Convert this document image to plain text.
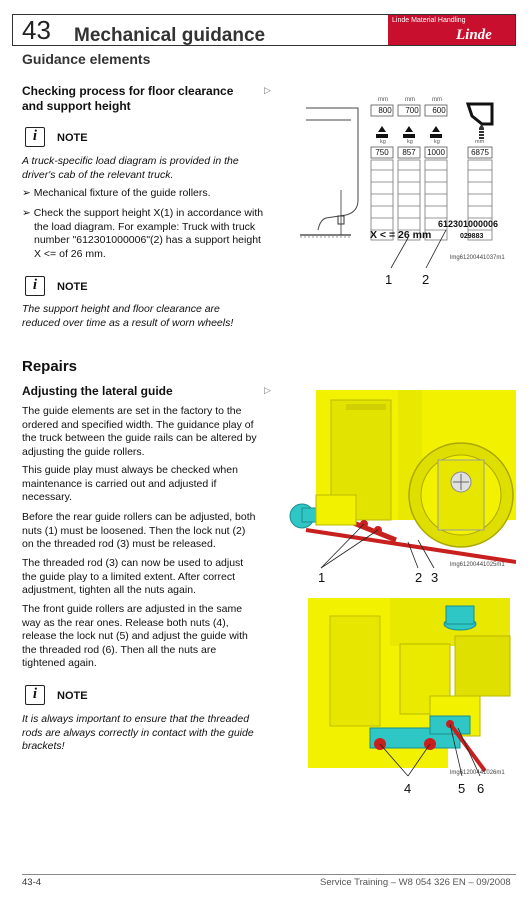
43 Mechanical guidance
Linde Material Handling
Linde
Guidance elements
Checking process for floor clearance and support height
▷
i	NOTE
A truck-specific load diagram is provided in the driver's cab of the relevant truck.
➢ Mechanical fixture of the guide rollers.
➢ Check the support height X(1) in accordance with the load diagram. For example: Truck with truck number "612301000006"(2) has a support height X <= of 26 mm.
i	NOTE
The support height and floor clearance are reduced over time as a result of worn wheels!
mm	mm	mm
800	700	600
kg	kg	kg	mm
750	857	1000	6875
612301000006
029883
X < = 26 mm
lmg61200441037m1
1 2
Repairs
Adjusting the lateral guide	▷
The guide elements are set in the factory to the ordered and specified width. The guidance play of the truck between the guide rails can be altered by adjusting the guide rollers.
This guide play must always be checked when maintenance is carried out and adjusted if necessary.
Before the rear guide rollers can be adjusted, both nuts (1) must be loosened. Then the lock nut (2) on the threaded rod (3) must be released.
The threaded rod (3) can now be used to adjust the guide play to a limited extent. After correct adjustment, tighten all the nuts again.
The front guide rollers are adjusted in the same way as the rear ones. Release both nuts (4), release the lock nut (5) and adjust the guide with the threaded rod (6). Then all the nuts are tightened again.
i	NOTE
It is always important to ensure that the threaded rods are always correctly in contact with the guide brackets!
lmg61200441025m1
1	2 3
lmg61200441026m1
4	5 6
43-4	Service Training – W8 054 326 EN – 09/2008
